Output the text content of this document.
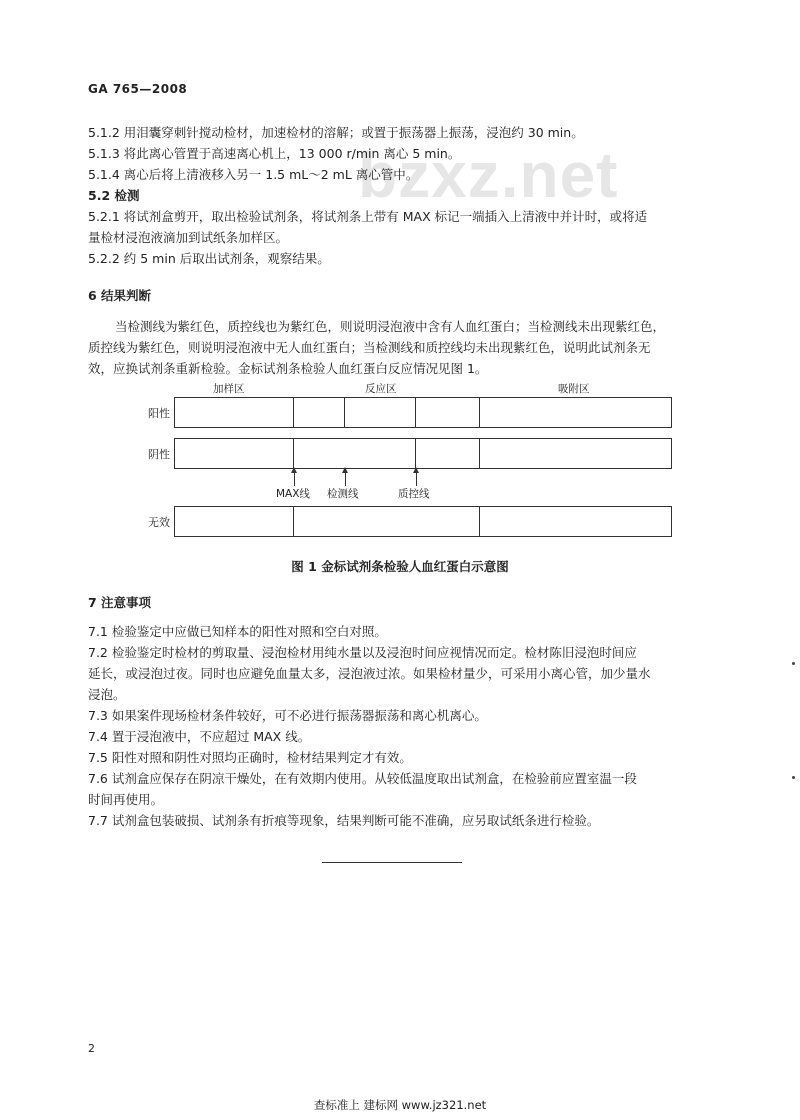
GA 765—2008
bzxz.net
5.1.2 用泪囊穿刺针搅动检材，加速检材的溶解；或置于振荡器上振荡，浸泡约 30 min。
5.1.3 将此离心管置于高速离心机上，13 000 r/min 离心 5 min。
5.1.4 离心后将上清液移入另一 1.5 mL～2 mL 离心管中。
5.2 检测
5.2.1 将试剂盒剪开，取出检验试剂条，将试剂条上带有 MAX 标记一端插入上清液中并计时，或将适
量检材浸泡液滴加到试纸条加样区。
5.2.2 约 5 min 后取出试剂条，观察结果。
6 结果判断
当检测线为紫红色，质控线也为紫红色，则说明浸泡液中含有人血红蛋白；当检测线未出现紫红色，
质控线为紫红色，则说明浸泡液中无人血红蛋白；当检测线和质控线均未出现紫红色，说明此试剂条无
效，应换试剂条重新检验。金标试剂条检验人血红蛋白反应情况见图 1。
7 注意事项
7.1 检验鉴定中应做已知样本的阳性对照和空白对照。
7.2 检验鉴定时检材的剪取量、浸泡检材用纯水量以及浸泡时间应视情况而定。检材陈旧浸泡时间应
延长，或浸泡过夜。同时也应避免血量太多，浸泡液过浓。如果检材量少，可采用小离心管，加少量水
浸泡。
7.3 如果案件现场检材条件较好，可不必进行振荡器振荡和离心机离心。
7.4 置于浸泡液中，不应超过 MAX 线。
7.5 阳性对照和阴性对照均正确时，检材结果判定才有效。
7.6 试剂盒应保存在阴凉干燥处，在有效期内使用。从较低温度取出试剂盒，在检验前应置室温一段
时间再使用。
7.7 试剂盒包装破损、试剂条有折痕等现象，结果判断可能不准确，应另取试纸条进行检验。
加样区	反应区	吸附区
阳性
阴性
无效
MAX线 检测线	质控线
图 1 金标试剂条检验人血红蛋白示意图
2
查标准上 建标网 www.jz321.net
